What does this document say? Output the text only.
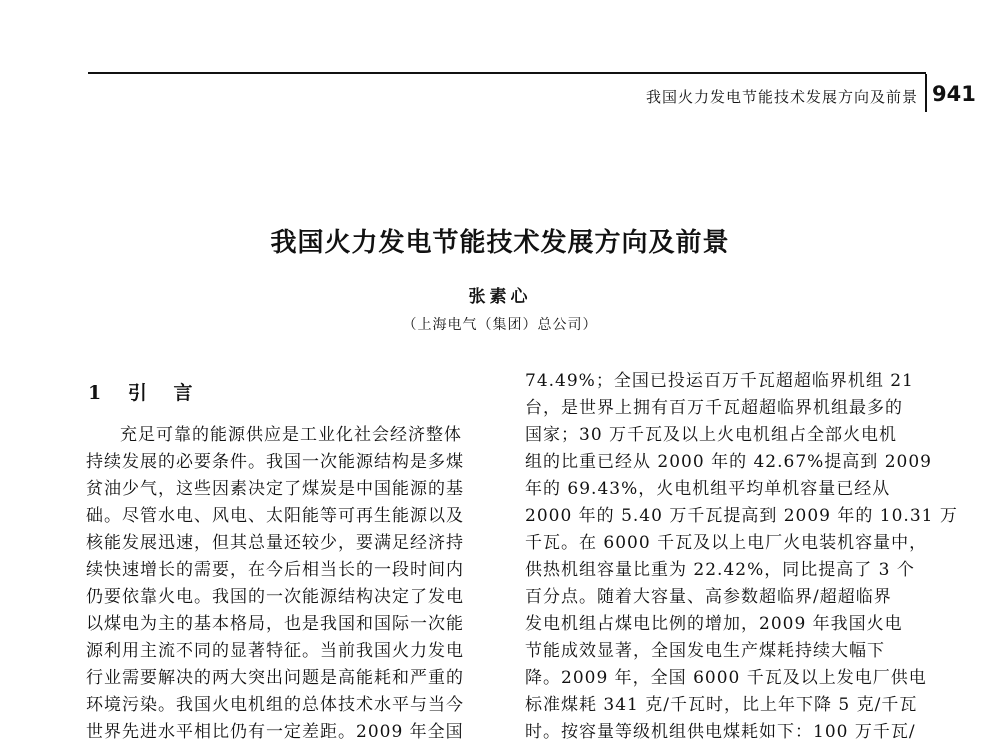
我国火力发电节能技术发展方向及前景 941
我国火力发电节能技术发展方向及前景
张素心
（上海电气（集团）总公司）
1 引 言
充足可靠的能源供应是工业化社会经济整体
持续发展的必要条件。我国一次能源结构是多煤
贫油少气，这些因素决定了煤炭是中国能源的基
础。尽管水电、风电、太阳能等可再生能源以及
核能发展迅速，但其总量还较少，要满足经济持
续快速增长的需要，在今后相当长的一段时间内
仍要依靠火电。我国的一次能源结构决定了发电
以煤电为主的基本格局，也是我国和国际一次能
源利用主流不同的显著特征。当前我国火力发电
行业需要解决的两大突出问题是高能耗和严重的
环境污染。我国火电机组的总体技术水平与当今
世界先进水平相比仍有一定差距。2009 年全国
74.49%；全国已投运百万千瓦超超临界机组 21
台，是世界上拥有百万千瓦超超临界机组最多的
国家；30 万千瓦及以上火电机组占全部火电机
组的比重已经从 2000 年的 42.67%提高到 2009
年的 69.43%，火电机组平均单机容量已经从
2000 年的 5.40 万千瓦提高到 2009 年的 10.31 万
千瓦。在 6000 千瓦及以上电厂火电装机容量中，
供热机组容量比重为 22.42%，同比提高了 3 个
百分点。随着大容量、高参数超临界/超超临界
发电机组占煤电比例的增加，2009 年我国火电
节能成效显著，全国发电生产煤耗持续大幅下
降。2009 年，全国 6000 千瓦及以上发电厂供电
标准煤耗 341 克/千瓦时，比上年下降 5 克/千瓦
时。按容量等级机组供电煤耗如下：100 万千瓦/
